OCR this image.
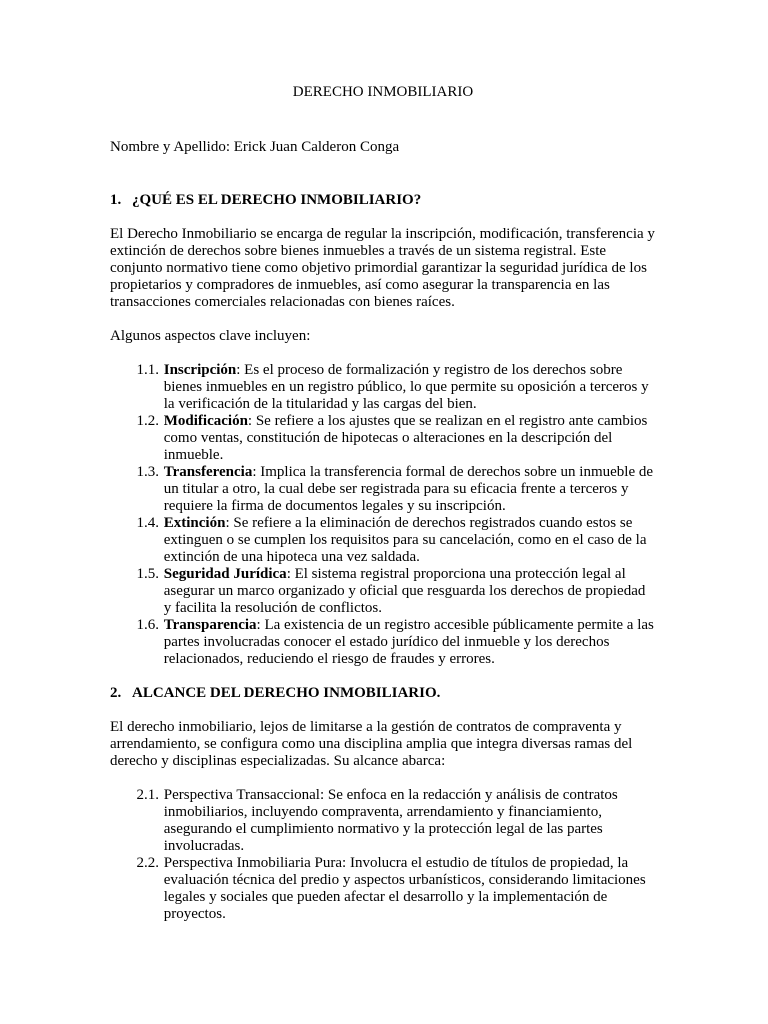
DERECHO INMOBILIARIO

Nombre y Apellido: Erick Juan Calderon Conga

1. ¿QUÉ ES EL DERECHO INMOBILIARIO?

El Derecho Inmobiliario se encarga de regular la inscripción, modificación, transferencia y extinción de derechos sobre bienes inmuebles a través de un sistema registral. Este conjunto normativo tiene como objetivo primordial garantizar la seguridad jurídica de los propietarios y compradores de inmuebles, así como asegurar la transparencia en las transacciones comerciales relacionadas con bienes raíces.

Algunos aspectos clave incluyen:

1.1.
Inscripción: Es el proceso de formalización y registro de los derechos sobre bienes inmuebles en un registro público, lo que permite su oposición a terceros y la verificación de la titularidad y las cargas del bien.
1.2.
Modificación: Se refiere a los ajustes que se realizan en el registro ante cambios como ventas, constitución de hipotecas o alteraciones en la descripción del inmueble.
1.3.
Transferencia: Implica la transferencia formal de derechos sobre un inmueble de un titular a otro, la cual debe ser registrada para su eficacia frente a terceros y requiere la firma de documentos legales y su inscripción.
1.4.
Extinción: Se refiere a la eliminación de derechos registrados cuando estos se extinguen o se cumplen los requisitos para su cancelación, como en el caso de la extinción de una hipoteca una vez saldada.
1.5.
Seguridad Jurídica: El sistema registral proporciona una protección legal al asegurar un marco organizado y oficial que resguarda los derechos de propiedad y facilita la resolución de conflictos.
1.6.
Transparencia: La existencia de un registro accesible públicamente permite a las partes involucradas conocer el estado jurídico del inmueble y los derechos relacionados, reduciendo el riesgo de fraudes y errores.
2. ALCANCE DEL DERECHO INMOBILIARIO.

El derecho inmobiliario, lejos de limitarse a la gestión de contratos de compraventa y arrendamiento, se configura como una disciplina amplia que integra diversas ramas del derecho y disciplinas especializadas. Su alcance abarca:

2.1.
Perspectiva Transaccional: Se enfoca en la redacción y análisis de contratos inmobiliarios, incluyendo compraventa, arrendamiento y financiamiento, asegurando el cumplimiento normativo y la protección legal de las partes involucradas.
2.2.
Perspectiva Inmobiliaria Pura: Involucra el estudio de títulos de propiedad, la evaluación técnica del predio y aspectos urbanísticos, considerando limitaciones legales y sociales que pueden afectar el desarrollo y la implementación de proyectos.
